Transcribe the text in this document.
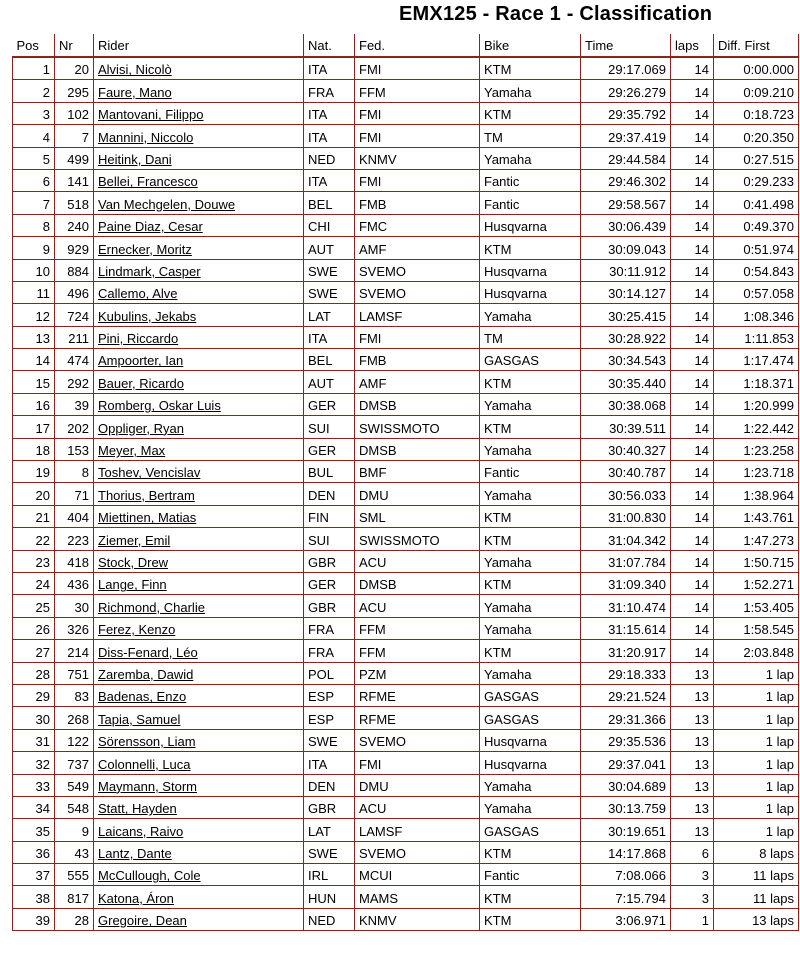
EMX125 - Race 1 - Classification
Pos	Nr	Rider	Nat.	Fed.	Bike	Time	laps	Diff. First
1	20	Alvisi, Nicolò	ITA	FMI	KTM	29:17.069	14	0:00.000
2	295	Faure, Mano	FRA	FFM	Yamaha	29:26.279	14	0:09.210
3	102	Mantovani, Filippo	ITA	FMI	KTM	29:35.792	14	0:18.723
4	7	Mannini, Niccolo	ITA	FMI	TM	29:37.419	14	0:20.350
5	499	Heitink, Dani	NED	KNMV	Yamaha	29:44.584	14	0:27.515
6	141	Bellei, Francesco	ITA	FMI	Fantic	29:46.302	14	0:29.233
7	518	Van Mechgelen, Douwe	BEL	FMB	Fantic	29:58.567	14	0:41.498
8	240	Paine Diaz, Cesar	CHI	FMC	Husqvarna	30:06.439	14	0:49.370
9	929	Ernecker, Moritz	AUT	AMF	KTM	30:09.043	14	0:51.974
10	884	Lindmark, Casper	SWE	SVEMO	Husqvarna	30:11.912	14	0:54.843
11	496	Callemo, Alve	SWE	SVEMO	Husqvarna	30:14.127	14	0:57.058
12	724	Kubulins, Jekabs	LAT	LAMSF	Yamaha	30:25.415	14	1:08.346
13	211	Pini, Riccardo	ITA	FMI	TM	30:28.922	14	1:11.853
14	474	Ampoorter, Ian	BEL	FMB	GASGAS	30:34.543	14	1:17.474
15	292	Bauer, Ricardo	AUT	AMF	KTM	30:35.440	14	1:18.371
16	39	Romberg, Oskar Luis	GER	DMSB	Yamaha	30:38.068	14	1:20.999
17	202	Oppliger, Ryan	SUI	SWISSMOTO	KTM	30:39.511	14	1:22.442
18	153	Meyer, Max	GER	DMSB	Yamaha	30:40.327	14	1:23.258
19	8	Toshev, Vencislav	BUL	BMF	Fantic	30:40.787	14	1:23.718
20	71	Thorius, Bertram	DEN	DMU	Yamaha	30:56.033	14	1:38.964
21	404	Miettinen, Matias	FIN	SML	KTM	31:00.830	14	1:43.761
22	223	Ziemer, Emil	SUI	SWISSMOTO	KTM	31:04.342	14	1:47.273
23	418	Stock, Drew	GBR	ACU	Yamaha	31:07.784	14	1:50.715
24	436	Lange, Finn	GER	DMSB	KTM	31:09.340	14	1:52.271
25	30	Richmond, Charlie	GBR	ACU	Yamaha	31:10.474	14	1:53.405
26	326	Ferez, Kenzo	FRA	FFM	Yamaha	31:15.614	14	1:58.545
27	214	Diss-Fenard, Léo	FRA	FFM	KTM	31:20.917	14	2:03.848
28	751	Zaremba, Dawid	POL	PZM	Yamaha	29:18.333	13	1 lap
29	83	Badenas, Enzo	ESP	RFME	GASGAS	29:21.524	13	1 lap
30	268	Tapia, Samuel	ESP	RFME	GASGAS	29:31.366	13	1 lap
31	122	Sörensson, Liam	SWE	SVEMO	Husqvarna	29:35.536	13	1 lap
32	737	Colonnelli, Luca	ITA	FMI	Husqvarna	29:37.041	13	1 lap
33	549	Maymann, Storm	DEN	DMU	Yamaha	30:04.689	13	1 lap
34	548	Statt, Hayden	GBR	ACU	Yamaha	30:13.759	13	1 lap
35	9	Laicans, Raivo	LAT	LAMSF	GASGAS	30:19.651	13	1 lap
36	43	Lantz, Dante	SWE	SVEMO	KTM	14:17.868	6	8 laps
37	555	McCullough, Cole	IRL	MCUI	Fantic	7:08.066	3	11 laps
38	817	Katona, Áron	HUN	MAMS	KTM	7:15.794	3	11 laps
39	28	Gregoire, Dean	NED	KNMV	KTM	3:06.971	1	13 laps
